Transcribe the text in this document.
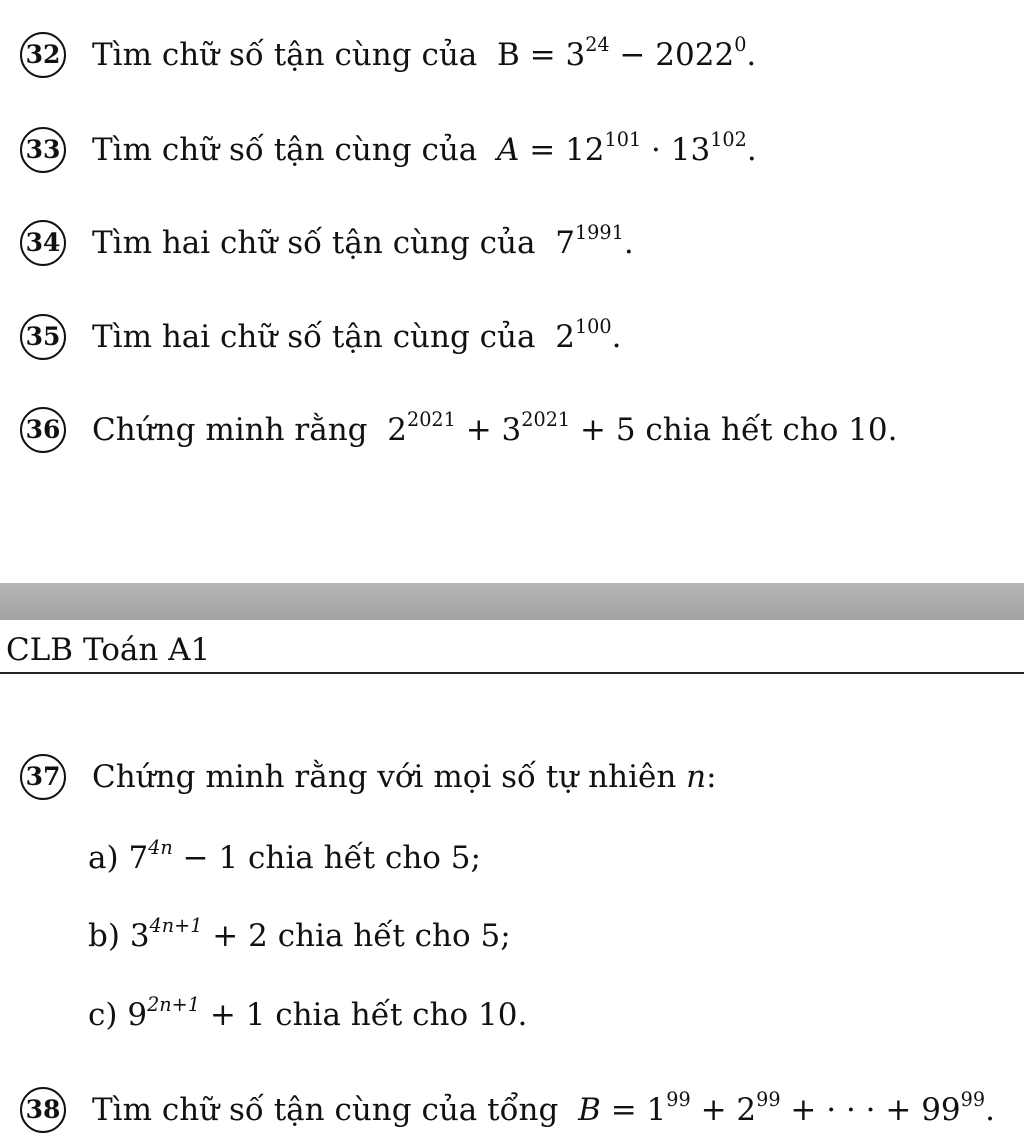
32 Tìm chữ số tận cùng của $B = 3^{24} - 2022^0$.
33 Tìm chữ số tận cùng của $A = 12^{101} \cdot 13^{102}$.
34 Tìm hai chữ số tận cùng của $7^{1991}$.
35 Tìm hai chữ số tận cùng của $2^{100}$.
36 Chứng minh rằng $2^{2021} + 3^{2021} + 5$ chia hết cho 10.
CLB Toán A1
37 Chứng minh rằng với mọi số tự nhiên n:
a) $7^{4n} - 1$ chia hết cho 5;
b) $3^{4n+1} + 2$ chia hết cho 5;
c) $9^{2n+1} + 1$ chia hết cho 10.
38 Tìm chữ số tận cùng của tổng $B = 1^{99} + 2^{99}$ + · · · + $99^{99}$.
